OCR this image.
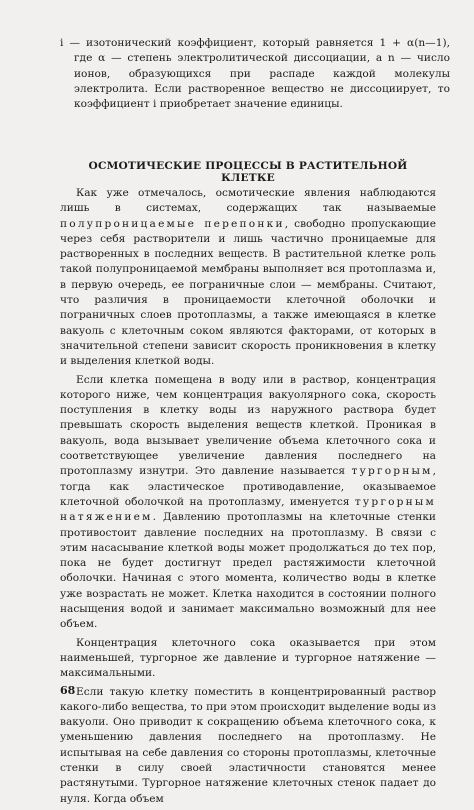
i — изотонический коэффициент, который равняется 1 + α(n—1), где α — степень электролитической диссоциации, а n — число ионов, образующихся при распаде каждой молекулы электролита. Если растворенное вещество не диссоциирует, то коэффициент i приобретает значение единицы.

ОСМОТИЧЕСКИЕ ПРОЦЕССЫ В РАСТИТЕЛЬНОЙ КЛЕТКЕ

Как уже отмечалось, осмотические явления наблюдаются лишь в системах, содержащих так называемые полупроницаемые перепонки, свободно пропускающие через себя растворители и лишь частично проницаемые для растворенных в последних веществ. В растительной клетке роль такой полупроницаемой мембраны выполняет вся протоплазма и, в первую очередь, ее пограничные слои — мембраны. Считают, что различия в проницаемости клеточной оболочки и пограничных слоев протоплазмы, а также имеющаяся в клетке вакуоль с клеточным соком являются факторами, от которых в значительной степени зависит скорость проникновения в клетку и выделения клеткой воды.

Если клетка помещена в воду или в раствор, концентрация которого ниже, чем концентрация вакуолярного сока, скорость поступления в клетку воды из наружного раствора будет превышать скорость выделения веществ клеткой. Проникая в вакуоль, вода вызывает увеличение объема клеточного сока и соответствующее увеличение давления последнего на протоплазму изнутри. Это давление называется тургорным, тогда как эластическое противодавление, оказываемое клеточной оболочкой на протоплазму, именуется тургорным натяжением. Давлению протоплазмы на клеточные стенки противостоит давление последних на протоплазму. В связи с этим насасывание клеткой воды может продолжаться до тех пор, пока не будет достигнут предел растяжимости клеточной оболочки. Начиная с этого момента, количество воды в клетке уже возрастать не может. Клетка находится в состоянии полного насыщения водой и занимает максимально возможный для нее объем.

Концентрация клеточного сока оказывается при этом наименьшей, тургорное же давление и тургорное натяжение — максимальными.

Если такую клетку поместить в концентрированный раствор какого-либо вещества, то при этом происходит выделение воды из вакуоли. Оно приводит к сокращению объема клеточного сока, к уменьшению давления последнего на протоплазму. Не испытывая на себе давления со стороны протоплазмы, клеточные стенки в силу своей эластичности становятся менее растянутыми. Тургорное натяжение клеточных стенок падает до нуля. Когда объем

68
